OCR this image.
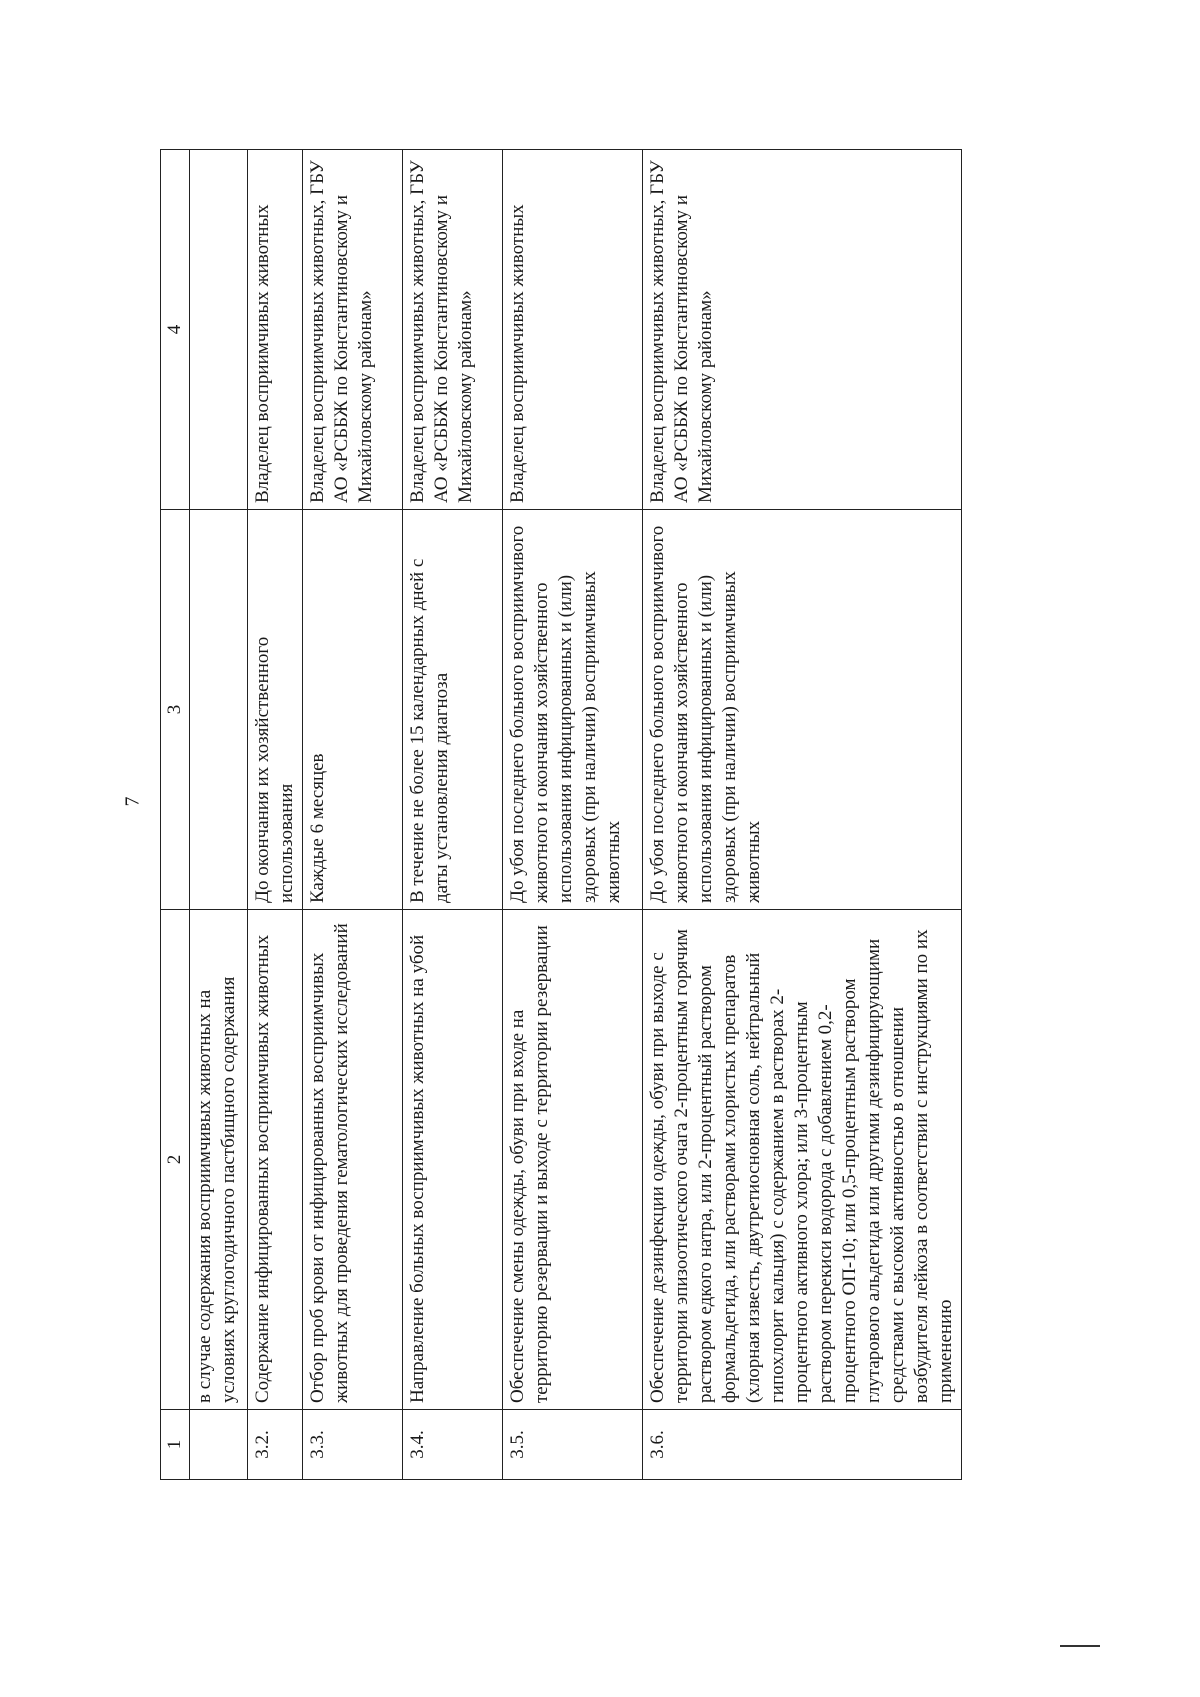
7
1	2	3	4
	в случае содержания восприимчивых животных на условиях круглогодичного пастбищного содержания		
3.2.	Содержание инфицированных восприимчивых животных	До окончания их хозяйственного использования	Владелец восприимчивых животных
3.3.	Отбор проб крови от инфицированных восприимчивых животных для проведения гематологических исследований	Каждые 6 месяцев	Владелец восприимчивых животных, ГБУ АО «РСББЖ по Константиновскому и Михайловскому районам»
3.4.	Направление больных восприимчивых животных на убой	В течение не более 15 календарных дней с даты установления диагноза	Владелец восприимчивых животных, ГБУ АО «РСББЖ по Константиновскому и Михайловскому районам»
3.5.	Обеспечение смены одежды, обуви при входе на территорию резервации и выходе с территории резервации	До убоя последнего больного восприимчивого животного и окончания хозяйственного использования инфицированных и (или) здоровых (при наличии) восприимчивых животных	Владелец восприимчивых животных
3.6.	Обеспечение дезинфекции одежды, обуви при выходе с территории эпизоотического очага 2-процентным горячим раствором едкого натра, или 2-процентный раствором формальдегида, или растворами хлористых препаратов (хлорная известь, двутретиосновная соль, нейтральный гипохлорит кальция) с содержанием в растворах 2-процентного активного хлора; или 3-процентным раствором перекиси водорода с добавлением 0,2-процентного ОП-10; или 0,5-процентным раствором глутарового альдегида или другими дезинфицирующими средствами с высокой активностью в отношении возбудителя лейкоза в соответствии с инструкциями по их применению	До убоя последнего больного восприимчивого животного и окончания хозяйственного использования инфицированных и (или) здоровых (при наличии) восприимчивых животных	Владелец восприимчивых животных, ГБУ АО «РСББЖ по Константиновскому и Михайловскому районам»
